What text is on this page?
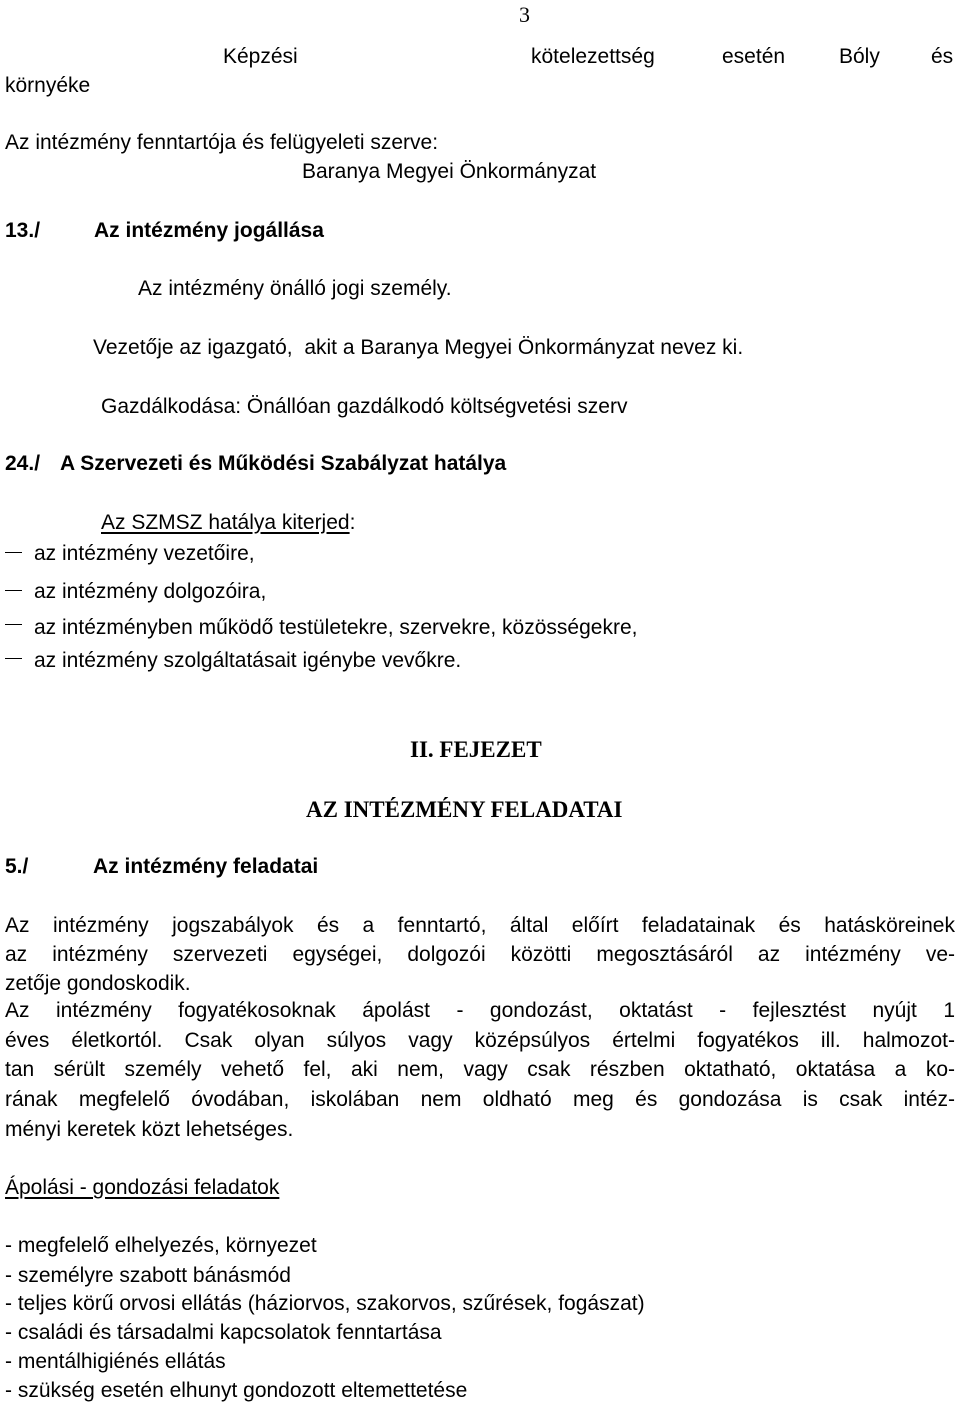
3
Képzési	kötelezettség	esetén	Bóly és
környéke
Az intézmény fenntartója és felügyeleti szerve:
Baranya Megyei Önkormányzat
13./	Az intézmény jogállása
Az intézmény önálló jogi személy.
Vezetője az igazgató,  akit a Baranya Megyei Önkormányzat nevez ki.
Gazdálkodása: Önállóan gazdálkodó költségvetési szerv
24./ A Szervezeti és Működési Szabályzat hatálya
Az SZMSZ hatálya kiterjed:
az intézmény vezetőire,
az intézmény dolgozóira,
az intézményben működő testületekre, szervekre, közösségekre,
az intézmény szolgáltatásait igénybe vevőkre.
II. FEJEZET
AZ INTÉZMÉNY FELADATAI
5./	Az intézmény feladatai
Az intézmény jogszabályok és a fenntartó, által előírt feladatainak és hatásköreinek
az intézmény szervezeti egységei, dolgozói közötti megosztásáról az intézmény ve-
zetője gondoskodik.
Az intézmény fogyatékosoknak ápolást - gondozást, oktatást - fejlesztést nyújt 1
éves életkortól. Csak olyan súlyos vagy középsúlyos értelmi fogyatékos ill. halmozot-
tan sérült személy vehető fel, aki nem, vagy csak részben oktatható, oktatása a ko-
rának megfelelő óvodában, iskolában nem oldható meg és gondozása is csak intéz-
ményi keretek közt lehetséges.
Ápolási - gondozási feladatok
- megfelelő elhelyezés, környezet
- személyre szabott bánásmód
- teljes körű orvosi ellátás (háziorvos, szakorvos, szűrések, fogászat)
- családi és társadalmi kapcsolatok fenntartása
- mentálhigiénés ellátás
- szükség esetén elhunyt gondozott eltemettetése
